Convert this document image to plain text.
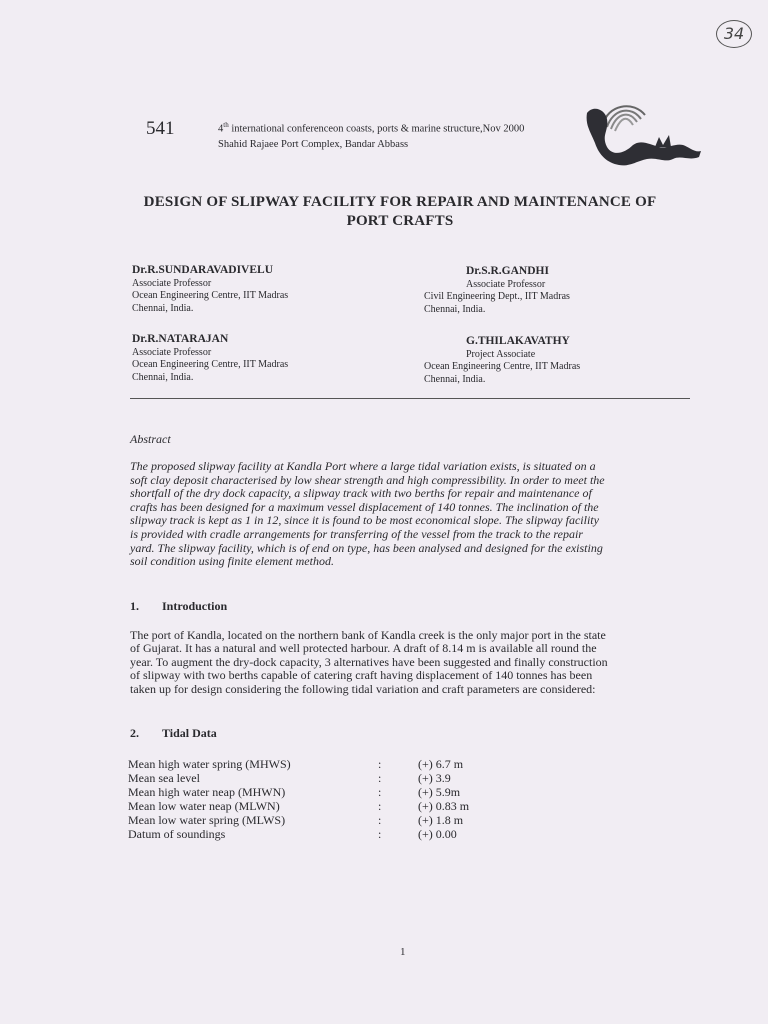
34
541	4th international conferenceon coasts, ports & marine structure,Nov 2000
Shahid Rajaee Port Complex, Bandar Abbass
DESIGN OF SLIPWAY FACILITY FOR REPAIR AND MAINTENANCE OF
PORT CRAFTS
Dr.R.SUNDARAVADIVELU
Associate Professor
Ocean Engineering Centre, IIT Madras
Chennai, India.
Dr.S.R.GANDHI
Associate Professor
Civil Engineering Dept., IIT Madras
Chennai, India.
Dr.R.NATARAJAN
Associate Professor
Ocean Engineering Centre, IIT Madras
Chennai, India.
G.THILAKAVATHY
Project Associate
Ocean Engineering Centre, IIT Madras
Chennai, India.
Abstract
The proposed slipway facility at Kandla Port where a large tidal variation exists, is situated on a
soft clay deposit characterised by low shear strength and high compressibility. In order to meet the
shortfall of the dry dock capacity, a slipway track with two berths for repair and maintenance of
crafts has been designed for a maximum vessel displacement of 140 tonnes. The inclination of the
slipway track is kept as 1 in 12, since it is found to be most economical slope. The slipway facility
is provided with cradle arrangements for transferring of the vessel from the track to the repair
yard. The slipway facility, which is of end on type, has been analysed and designed for the existing
soil condition using finite element method.
1. Introduction
The port of Kandla, located on the northern bank of Kandla creek is the only major port in the state
of Gujarat. It has a natural and well protected harbour. A draft of 8.14 m is available all round the
year. To augment the dry-dock capacity, 3 alternatives have been suggested and finally construction
of slipway with two berths capable of catering craft having displacement of 140 tonnes has been
taken up for design considering the following tidal variation and craft parameters are considered:
2. Tidal Data
Mean high water spring (MHWS)	:	(+) 6.7 m
Mean sea level	:	(+) 3.9
Mean high water neap (MHWN)	:	(+) 5.9m
Mean low water neap (MLWN)	:	(+) 0.83 m
Mean low water spring (MLWS)	:	(+) 1.8 m
Datum of soundings	:	(+) 0.00
1
